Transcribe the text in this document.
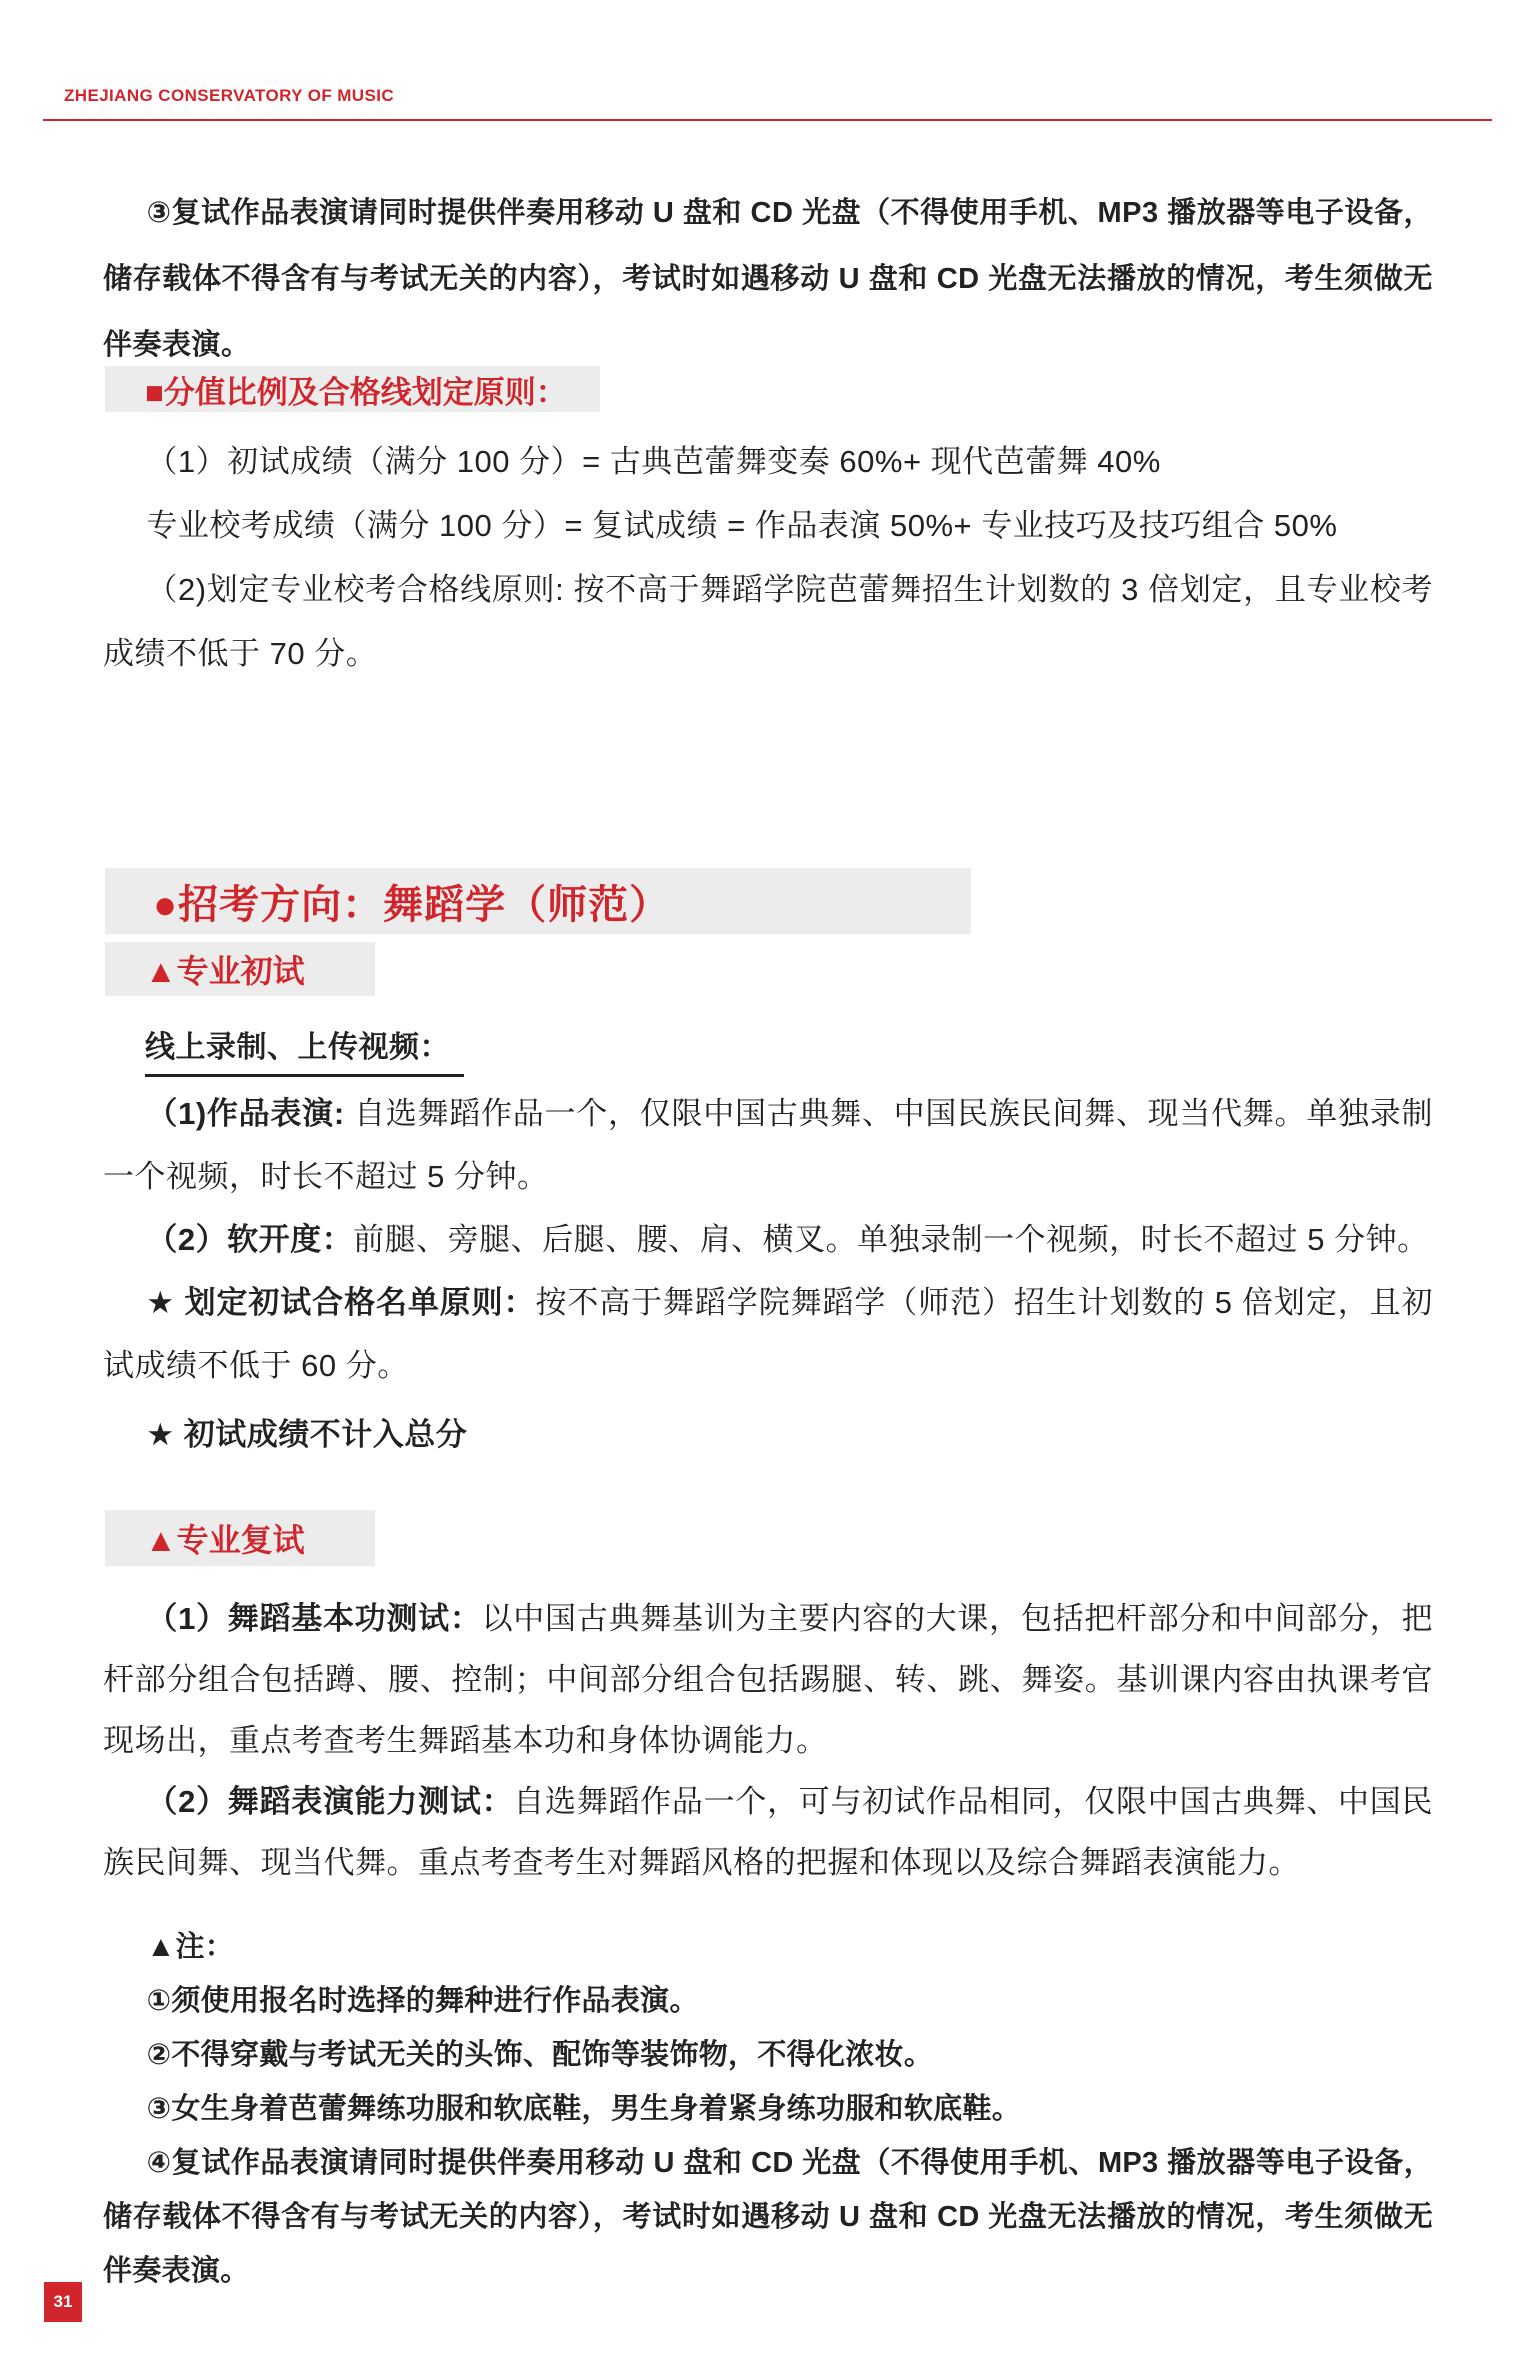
ZHEJIANG CONSERVATORY OF MUSIC

③复试作品表演请同时提供伴奏用移动 U 盘和 CD 光盘（不得使用手机、MP3 播放器等电子设备，储存载体不得含有与考试无关的内容），考试时如遇移动 U 盘和 CD 光盘无法播放的情况，考生须做无伴奏表演。

■分值比例及合格线划定原则：

（1）初试成绩（满分 100 分）= 古典芭蕾舞变奏 60%+ 现代芭蕾舞 40%

专业校考成绩（满分 100 分）= 复试成绩 = 作品表演 50%+ 专业技巧及技巧组合 50%

（2)划定专业校考合格线原则: 按不高于舞蹈学院芭蕾舞招生计划数的 3 倍划定，且专业校考成绩不低于 70 分。

●招考方向：舞蹈学（师范）
▲专业初试
线上录制、上传视频：

（1)作品表演: 自选舞蹈作品一个，仅限中国古典舞、中国民族民间舞、现当代舞。单独录制一个视频，时长不超过 5 分钟。

（2）软开度：前腿、旁腿、后腿、腰、肩、横叉。单独录制一个视频，时长不超过 5 分钟。

★ 划定初试合格名单原则：按不高于舞蹈学院舞蹈学（师范）招生计划数的 5 倍划定，且初试成绩不低于 60 分。

★ 初试成绩不计入总分

▲专业复试

（1）舞蹈基本功测试：以中国古典舞基训为主要内容的大课，包括把杆部分和中间部分，把杆部分组合包括蹲、腰、控制；中间部分组合包括踢腿、转、跳、舞姿。基训课内容由执课考官现场出，重点考查考生舞蹈基本功和身体协调能力。

（2）舞蹈表演能力测试：自选舞蹈作品一个，可与初试作品相同，仅限中国古典舞、中国民族民间舞、现当代舞。重点考查考生对舞蹈风格的把握和体现以及综合舞蹈表演能力。

▲注：

①须使用报名时选择的舞种进行作品表演。

②不得穿戴与考试无关的头饰、配饰等装饰物，不得化浓妆。

③女生身着芭蕾舞练功服和软底鞋，男生身着紧身练功服和软底鞋。

④复试作品表演请同时提供伴奏用移动 U 盘和 CD 光盘（不得使用手机、MP3 播放器等电子设备，储存载体不得含有与考试无关的内容），考试时如遇移动 U 盘和 CD 光盘无法播放的情况，考生须做无伴奏表演。

31
